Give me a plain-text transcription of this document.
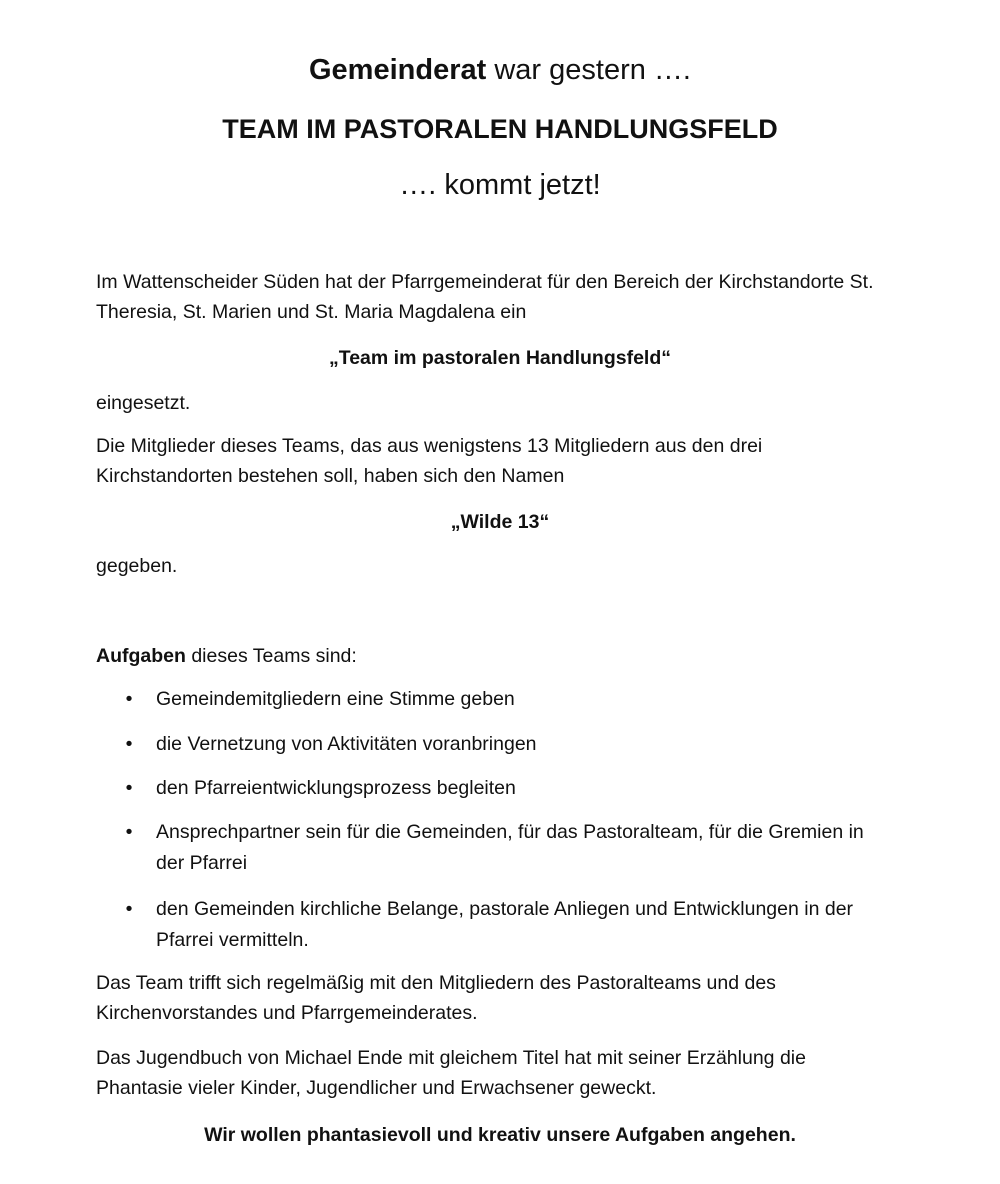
Gemeinderat war gestern ….
TEAM IM PASTORALEN HANDLUNGSFELD
…. kommt jetzt!
Im Wattenscheider Süden hat der Pfarrgemeinderat für den Bereich der Kirchstandorte St. Theresia, St. Marien und St. Maria Magdalena ein
„Team im pastoralen Handlungsfeld“
eingesetzt.
Die Mitglieder dieses Teams, das aus wenigstens 13 Mitgliedern aus den drei Kirchstandorten bestehen soll, haben sich den Namen
„Wilde 13“
gegeben.
Aufgaben dieses Teams sind:
• Gemeindemitgliedern eine Stimme geben
• die Vernetzung von Aktivitäten voranbringen
• den Pfarreientwicklungsprozess begleiten
• Ansprechpartner sein für die Gemeinden, für das Pastoralteam, für die Gremien in der Pfarrei
• den Gemeinden kirchliche Belange, pastorale Anliegen und Entwicklungen in der Pfarrei vermitteln.
Das Team trifft sich regelmäßig mit den Mitgliedern des Pastoralteams und des Kirchenvorstandes und Pfarrgemeinderates.
Das Jugendbuch von Michael Ende mit gleichem Titel hat mit seiner Erzählung die Phantasie vieler Kinder, Jugendlicher und Erwachsener geweckt.
Wir wollen phantasievoll und kreativ unsere Aufgaben angehen.
